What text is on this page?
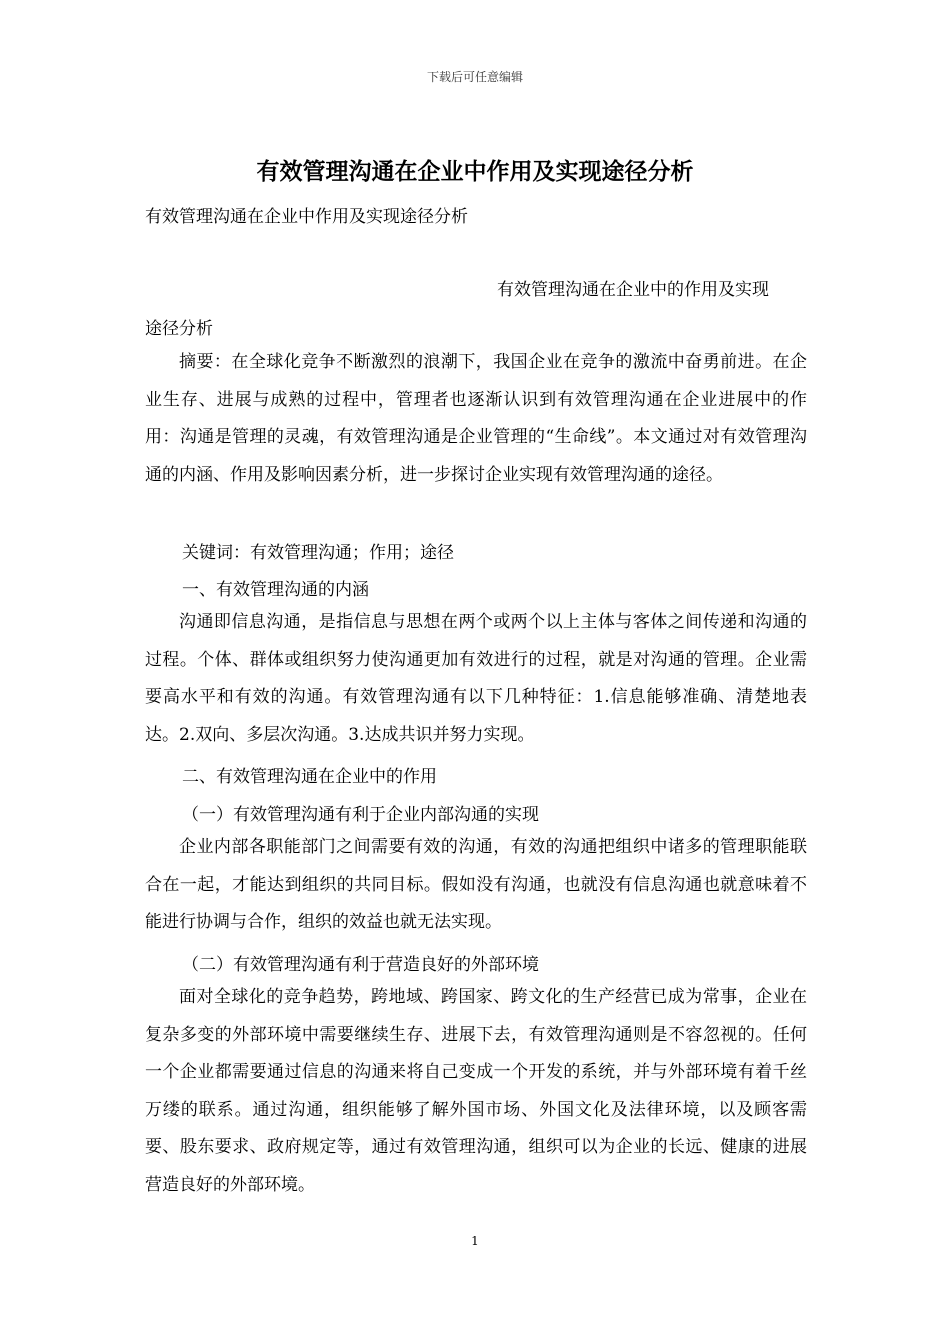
下载后可任意编辑
有效管理沟通在企业中作用及实现途径分析
有效管理沟通在企业中作用及实现途径分析
有效管理沟通在企业中的作用及实现
途径分析
摘要：在全球化竞争不断激烈的浪潮下，我国企业在竞争的激流中奋勇前进。在企业生存、进展与成熟的过程中，管理者也逐渐认识到有效管理沟通在企业进展中的作用：沟通是管理的灵魂，有效管理沟通是企业管理的“生命线”。本文通过对有效管理沟通的内涵、作用及影响因素分析，进一步探讨企业实现有效管理沟通的途径。
关键词：有效管理沟通；作用；途径
一、有效管理沟通的内涵
沟通即信息沟通，是指信息与思想在两个或两个以上主体与客体之间传递和沟通的过程。个体、群体或组织努力使沟通更加有效进行的过程，就是对沟通的管理。企业需要高水平和有效的沟通。有效管理沟通有以下几种特征：1.信息能够准确、清楚地表达。2.双向、多层次沟通。3.达成共识并努力实现。
二、有效管理沟通在企业中的作用
（一）有效管理沟通有利于企业内部沟通的实现
企业内部各职能部门之间需要有效的沟通，有效的沟通把组织中诸多的管理职能联合在一起，才能达到组织的共同目标。假如没有沟通，也就没有信息沟通也就意味着不能进行协调与合作，组织的效益也就无法实现。
（二）有效管理沟通有利于营造良好的外部环境
面对全球化的竞争趋势，跨地域、跨国家、跨文化的生产经营已成为常事，企业在复杂多变的外部环境中需要继续生存、进展下去，有效管理沟通则是不容忽视的。任何一个企业都需要通过信息的沟通来将自己变成一个开发的系统，并与外部环境有着千丝万缕的联系。通过沟通，组织能够了解外国市场、外国文化及法律环境，以及顾客需要、股东要求、政府规定等，通过有效管理沟通，组织可以为企业的长远、健康的进展营造良好的外部环境。
1
